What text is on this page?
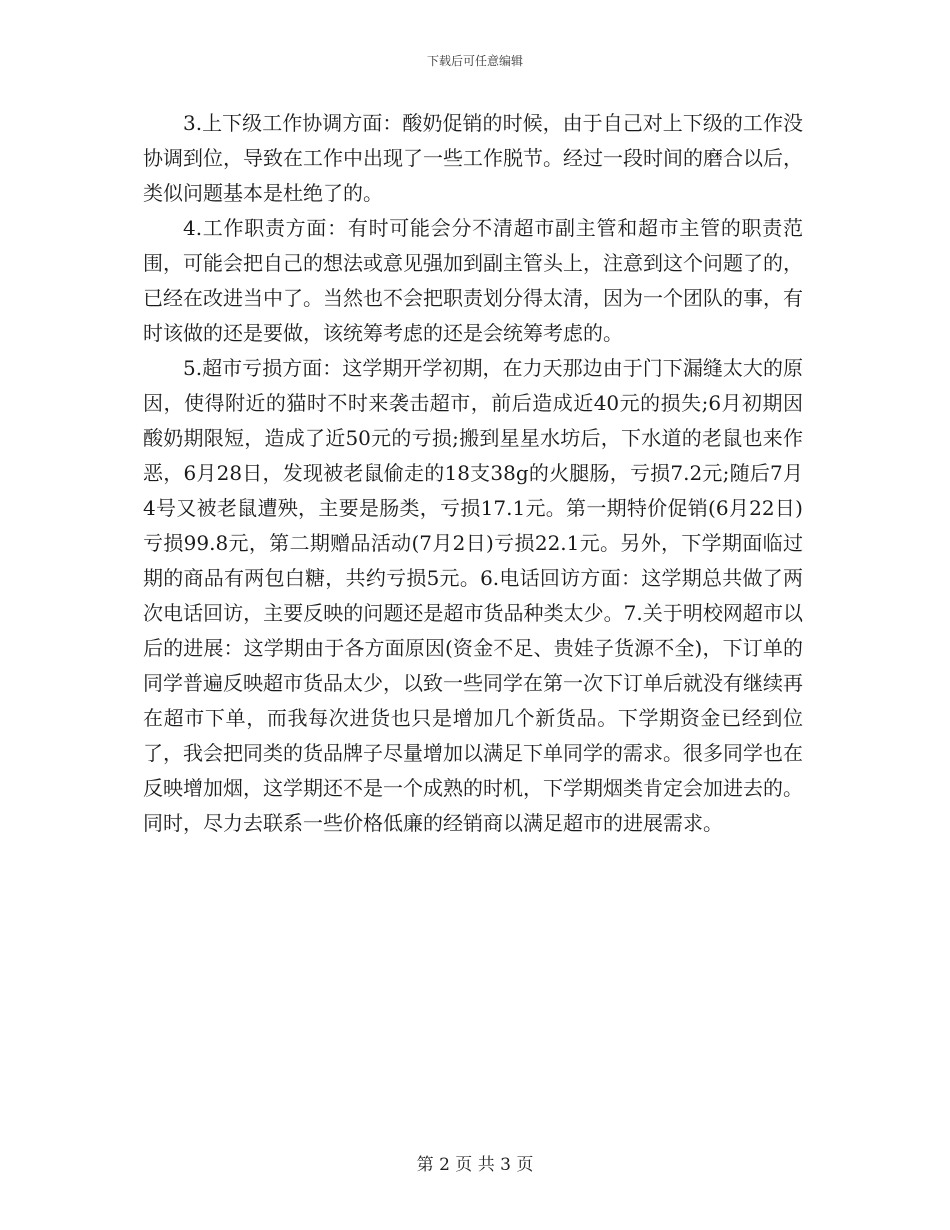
下载后可任意编辑

3.上下级工作协调方面：酸奶促销的时候，由于自己对上下级的工作没协调到位，导致在工作中出现了一些工作脱节。经过一段时间的磨合以后，类似问题基本是杜绝了的。

4.工作职责方面：有时可能会分不清超市副主管和超市主管的职责范围，可能会把自己的想法或意见强加到副主管头上，注意到这个问题了的，已经在改进当中了。当然也不会把职责划分得太清，因为一个团队的事，有时该做的还是要做，该统筹考虑的还是会统筹考虑的。

5.超市亏损方面：这学期开学初期，在力天那边由于门下漏缝太大的原因，使得附近的猫时不时来袭击超市，前后造成近40元的损失;6月初期因酸奶期限短，造成了近50元的亏损;搬到星星水坊后，下水道的老鼠也来作恶，6月28日，发现被老鼠偷走的18支38g的火腿肠，亏损7.2元;随后7月4号又被老鼠遭殃，主要是肠类，亏损17.1元。第一期特价促销(6月22日)亏损99.8元，第二期赠品活动(7月2日)亏损22.1元。另外，下学期面临过期的商品有两包白糖，共约亏损5元。6.电话回访方面：这学期总共做了两次电话回访，主要反映的问题还是超市货品种类太少。7.关于明校网超市以后的进展：这学期由于各方面原因(资金不足、贵娃子货源不全)，下订单的同学普遍反映超市货品太少，以致一些同学在第一次下订单后就没有继续再在超市下单，而我每次进货也只是增加几个新货品。下学期资金已经到位了，我会把同类的货品牌子尽量增加以满足下单同学的需求。很多同学也在反映增加烟，这学期还不是一个成熟的时机，下学期烟类肯定会加进去的。同时，尽力去联系一些价格低廉的经销商以满足超市的进展需求。

第 2 页 共 3 页
